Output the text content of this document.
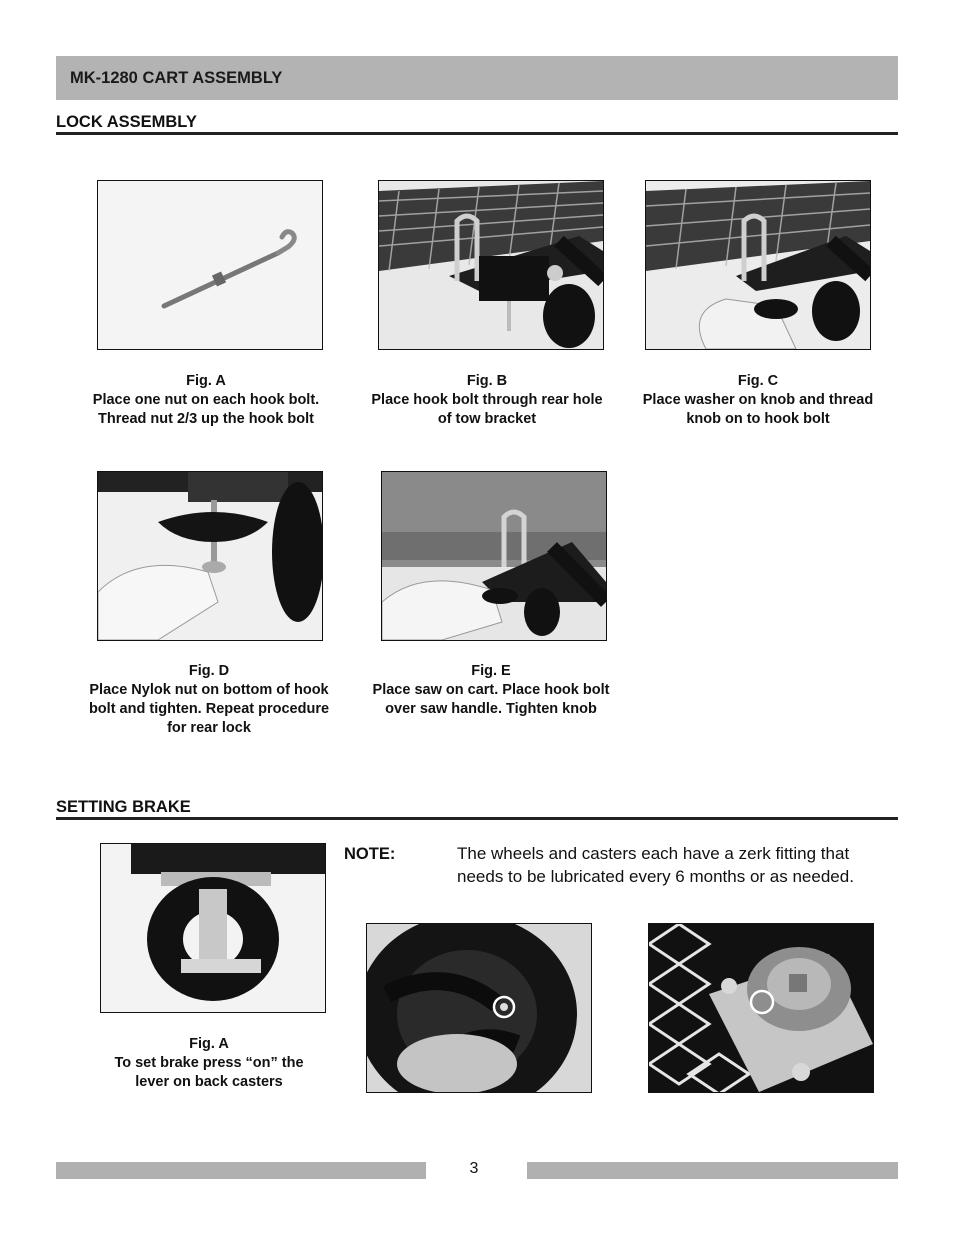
MK-1280 CART ASSEMBLY
LOCK ASSEMBLY
Fig. A
Place one nut on each hook bolt.
Thread nut 2/3 up the hook bolt
Fig. B
Place hook bolt through rear hole
of tow bracket
Fig. C
Place washer on knob and thread
knob on to hook bolt
Fig. D
Place Nylok nut on bottom of hook
bolt and tighten. Repeat procedure
for rear lock
Fig. E
Place saw on cart. Place hook bolt
over saw handle. Tighten knob
SETTING BRAKE
Fig. A
To set brake press “on” the
lever on back casters
NOTE:	The wheels and casters each have a zerk fitting that
needs to be lubricated every 6 months or as needed.
3
